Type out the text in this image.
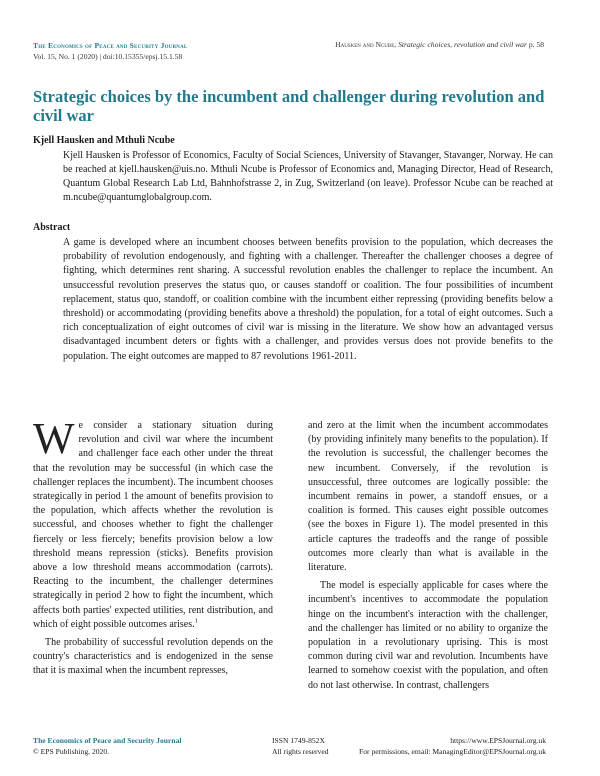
The Economics of Peace and Security Journal
Vol. 15, No. 1 (2020) | doi:10.15355/epsj.15.1.58
Hausken and Ncube, Strategic choices, revolution and civil war p. 58
Strategic choices by the incumbent and challenger during revolution and civil war
Kjell Hausken and Mthuli Ncube
Kjell Hausken is Professor of Economics, Faculty of Social Sciences, University of Stavanger, Stavanger, Norway. He can be reached at kjell.hausken@uis.no. Mthuli Ncube is Professor of Economics and, Managing Director, Head of Research, Quantum Global Research Lab Ltd, Bahnhofstrasse 2, in Zug, Switzerland (on leave). Professor Ncube can be reached at m.ncube@quantumglobalgroup.com.
Abstract
A game is developed where an incumbent chooses between benefits provision to the population, which decreases the probability of revolution endogenously, and fighting with a challenger. Thereafter the challenger chooses a degree of fighting, which determines rent sharing. A successful revolution enables the challenger to replace the incumbent. An unsuccessful revolution preserves the status quo, or causes standoff or coalition. The four possibilities of incumbent replacement, status quo, standoff, or coalition combine with the incumbent either repressing (providing benefits below a threshold) or accommodating (providing benefits above a threshold) the population, for a total of eight outcomes. Such a rich conceptualization of eight outcomes of civil war is missing in the literature. We show how an advantaged versus disadvantaged incumbent deters or fights with a challenger, and provides versus does not provide benefits to the population. The eight outcomes are mapped to 87 revolutions 1961-2011.

We consider a stationary situation during revolution and civil war where the incumbent and challenger face each other under the threat that the revolution may be successful (in which case the challenger replaces the incumbent). The incumbent chooses strategically in period 1 the amount of benefits provision to the population, which affects whether the revolution is successful, and chooses whether to fight the challenger fiercely or less fiercely; benefits provision below a low threshold means repression (sticks). Benefits provision above a low threshold means accommodation (carrots). Reacting to the incumbent, the challenger determines strategically in period 2 how to fight the incumbent, which affects both parties' expected utilities, rent distribution, and which of eight possible outcomes arises.$^1$

The probability of successful revolution depends on the country's characteristics and is endogenized in the sense that it is maximal when the incumbent represses,

and zero at the limit when the incumbent accommodates (by providing infinitely many benefits to the population). If the revolution is successful, the challenger becomes the new incumbent. Conversely, if the revolution is unsuccessful, three outcomes are logically possible: the incumbent remains in power, a standoff ensues, or a coalition is formed. This causes eight possible outcomes (see the boxes in Figure 1). The model presented in this article captures the tradeoffs and the range of possible outcomes more clearly than what is available in the literature.

The model is especially applicable for cases where the incumbent's incentives to accommodate the population hinge on the incumbent's interaction with the challenger, and the challenger has limited or no ability to organize the population in a revolutionary uprising. This is most common during civil war and revolution. Incumbents have learned to somehow coexist with the population, and often do not last otherwise. In contrast, challengers

The Economics of Peace and Security Journal
© EPS Publishing, 2020.
ISSN 1749-852X
All rights reserved
https://www.EPSJournal.org.uk
For permissions, email: ManagingEditor@EPSJournal.org.uk
